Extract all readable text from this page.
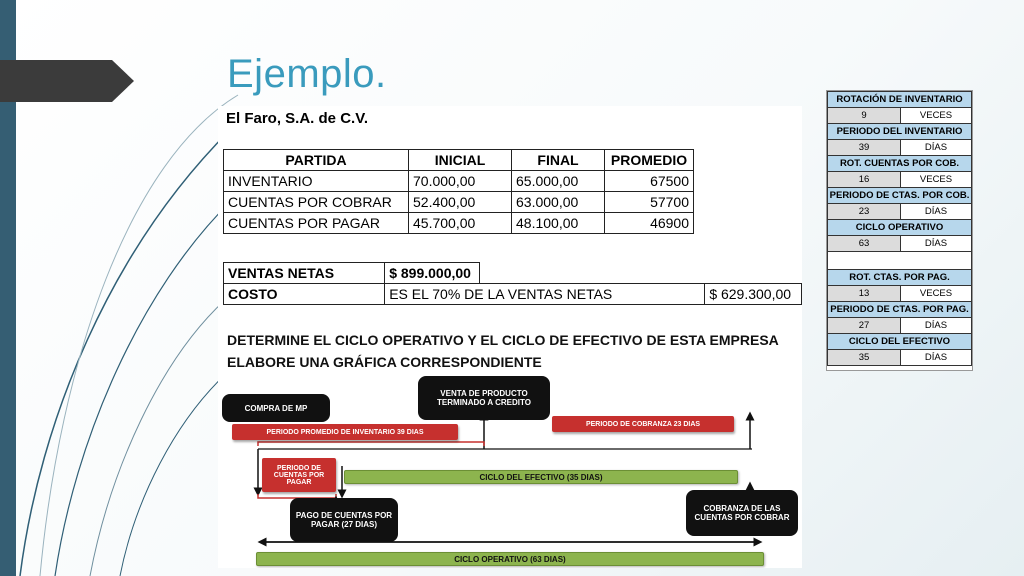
Ejemplo.
El Faro, S.A. de C.V.
PARTIDA	INICIAL	FINAL	PROMEDIO
INVENTARIO	70.000,00	65.000,00	67500
CUENTAS POR COBRAR	52.400,00	63.000,00	57700
CUENTAS POR PAGAR	45.700,00	48.100,00	46900
VENTAS NETAS	$ 899.000,00		
COSTO	ES EL 70% DE LA VENTAS NETAS		$ 629.300,00
DETERMINE EL CICLO OPERATIVO Y EL CICLO DE EFECTIVO DE ESTA EMPRESA
ELABORE UNA GRÁFICA CORRESPONDIENTE
COMPRA DE MP
VENTA DE PRODUCTO TERMINADO A CREDITO
PERIODO PROMEDIO DE INVENTARIO 39 DIAS
PERIODO DE COBRANZA 23 DIAS
PERIODO DE CUENTAS POR PAGAR
CICLO DEL EFECTIVO (35 DIAS)
PAGO DE CUENTAS POR PAGAR (27 DIAS)
COBRANZA DE LAS CUENTAS POR COBRAR
CICLO OPERATIVO (63 DIAS)
ROTACIÓN DE INVENTARIO	
9	VECES
PERIODO DEL INVENTARIO	
39	DÍAS
ROT. CUENTAS POR COB.	
16	VECES
PERIODO DE CTAS. POR COB.	
23	DÍAS
CICLO OPERATIVO	
63	DÍAS

ROT. CTAS. POR PAG.	
13	VECES
PERIODO DE CTAS. POR PAG.	
27	DÍAS
CICLO DEL EFECTIVO	
35	DÍAS
